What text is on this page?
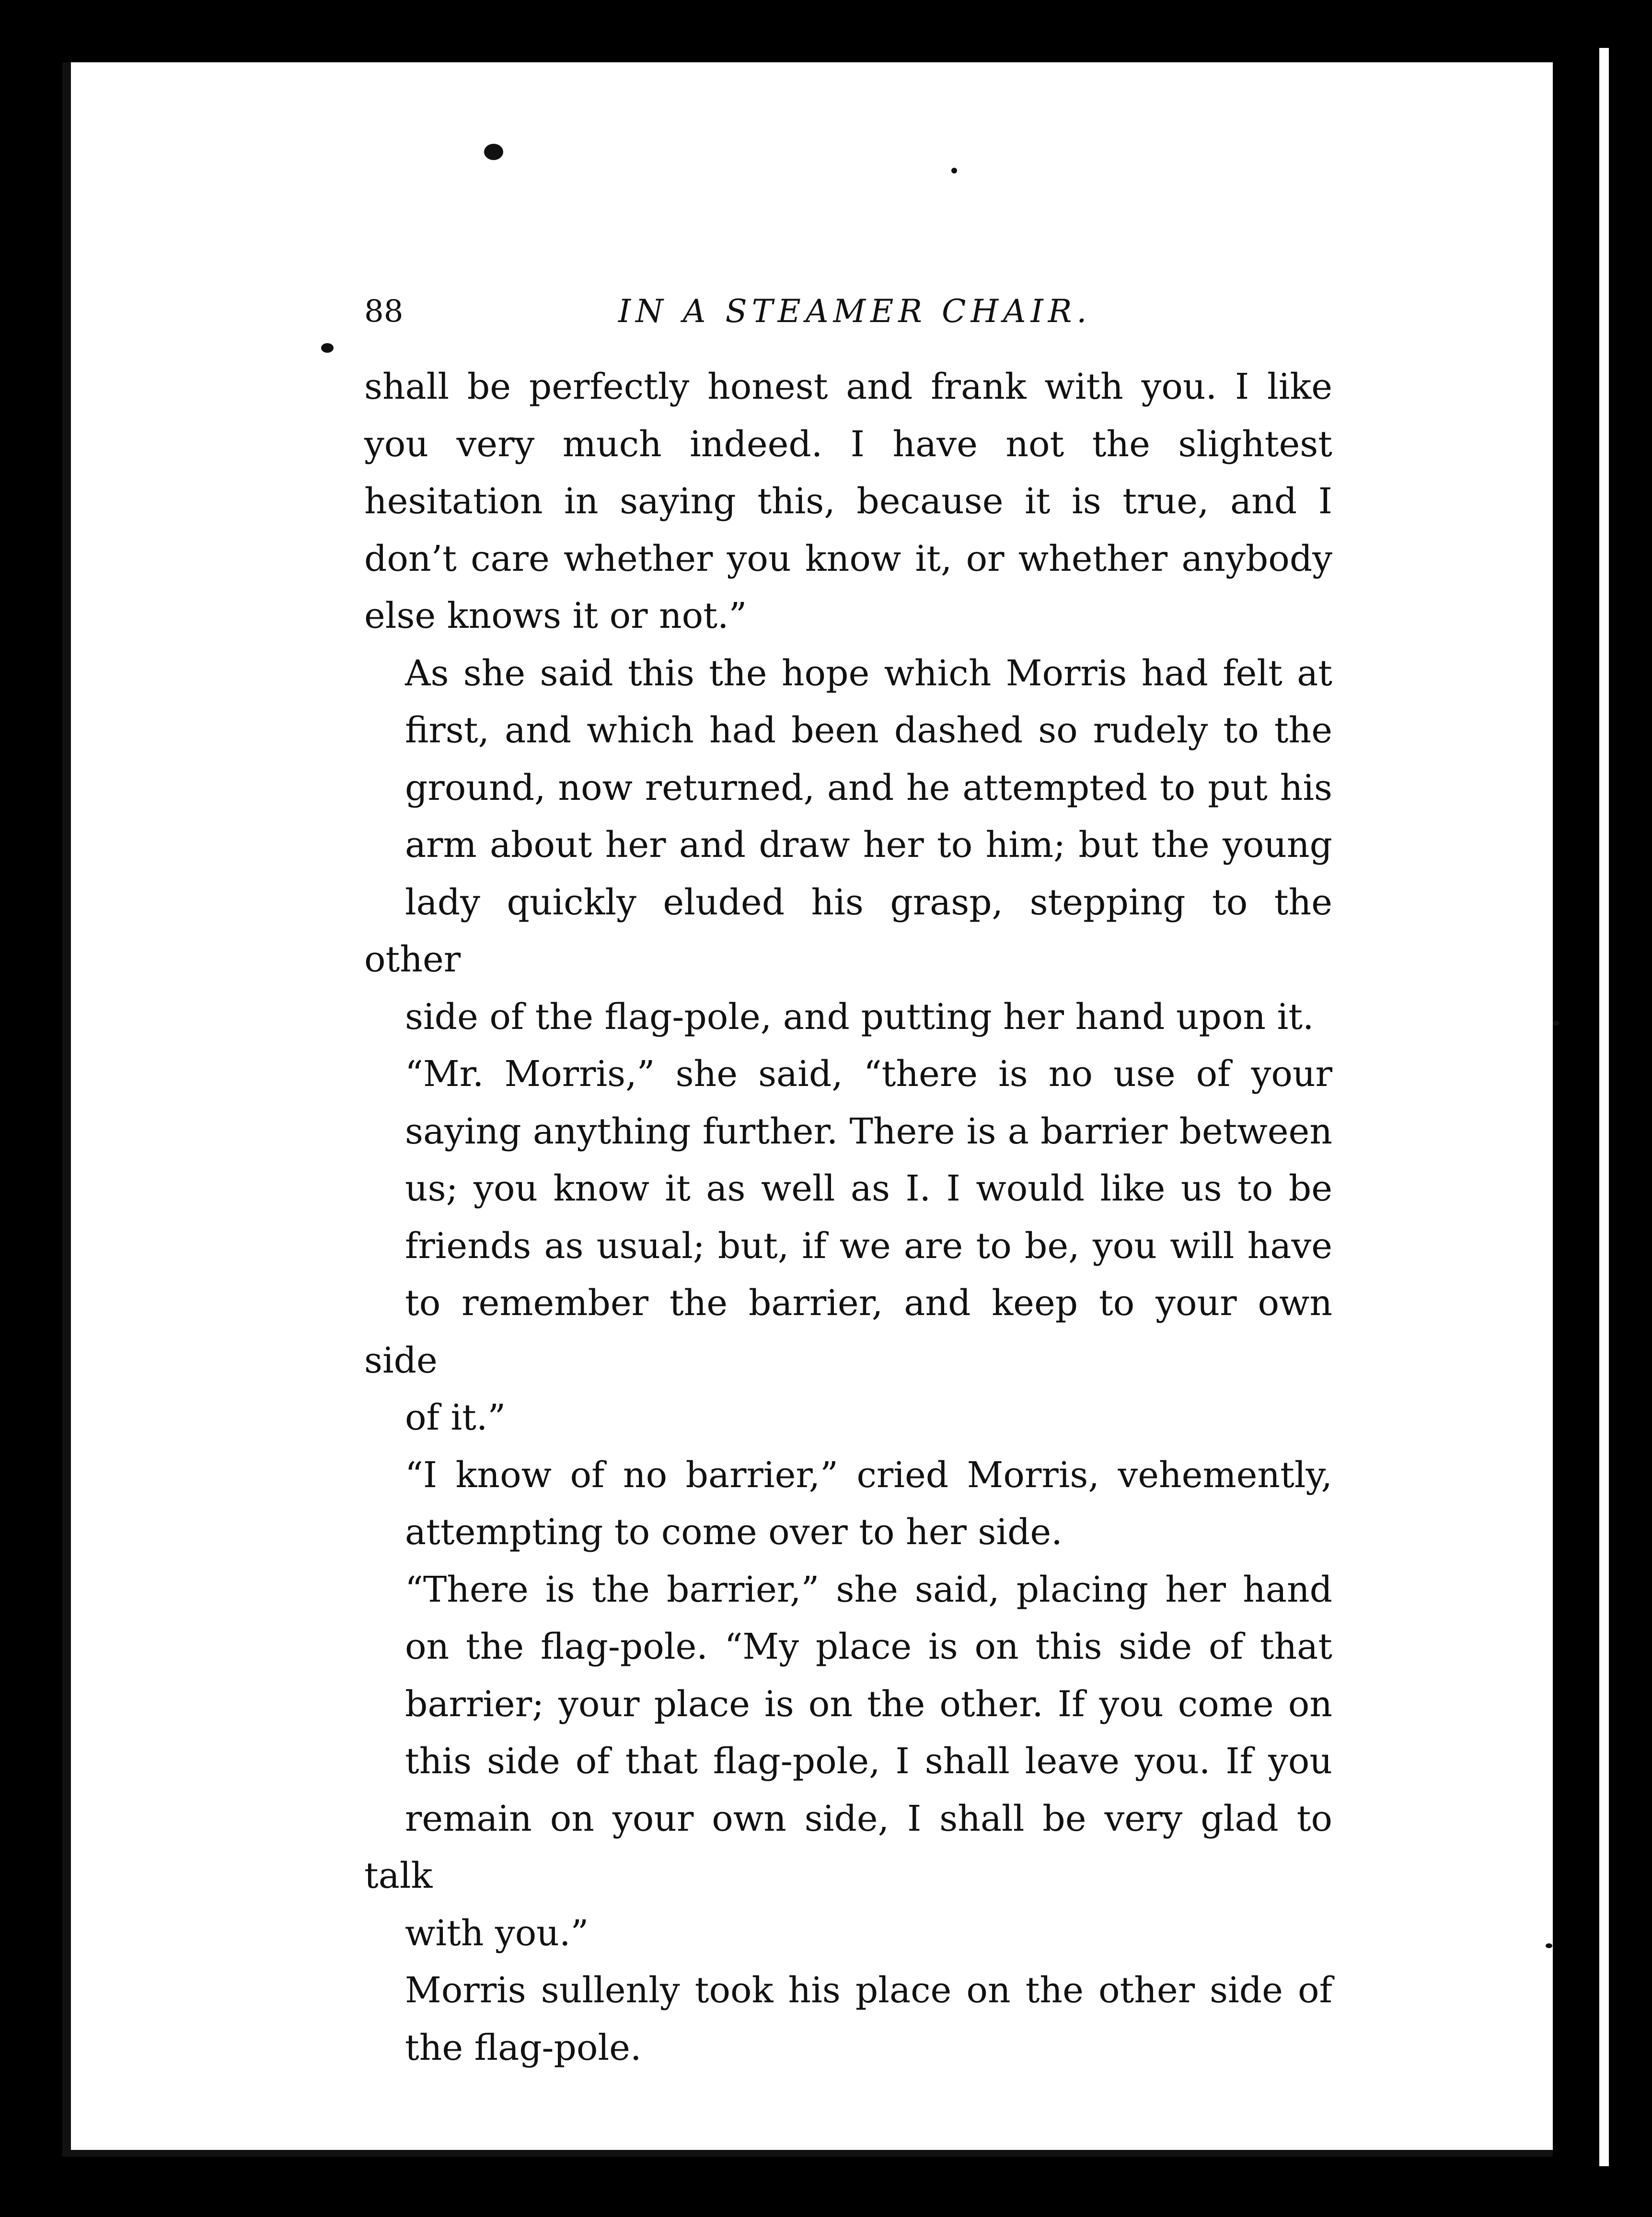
88	IN A STEAMER CHAIR.

shall be perfectly honest and frank with you. I like
you very much indeed. I have not the slightest
hesitation in saying this, because it is true, and I
don’t care whether you know it, or whether anybody
else knows it or not.”

As she said this the hope which Morris had felt at
first, and which had been dashed so rudely to the
ground, now returned, and he attempted to put his
arm about her and draw her to him; but the young
lady quickly eluded his grasp, stepping to the other
side of the flag-pole, and putting her hand upon it.

“Mr. Morris,” she said, “there is no use of your
saying anything further. There is a barrier between
us; you know it as well as I. I would like us to be
friends as usual; but, if we are to be, you will have
to remember the barrier, and keep to your own side
of it.”

“I know of no barrier,” cried Morris, vehemently,
attempting to come over to her side.

“There is the barrier,” she said, placing her hand
on the flag-pole. “My place is on this side of that
barrier; your place is on the other. If you come on
this side of that flag-pole, I shall leave you. If you
remain on your own side, I shall be very glad to talk
with you.”

Morris sullenly took his place on the other side of
the flag-pole.
